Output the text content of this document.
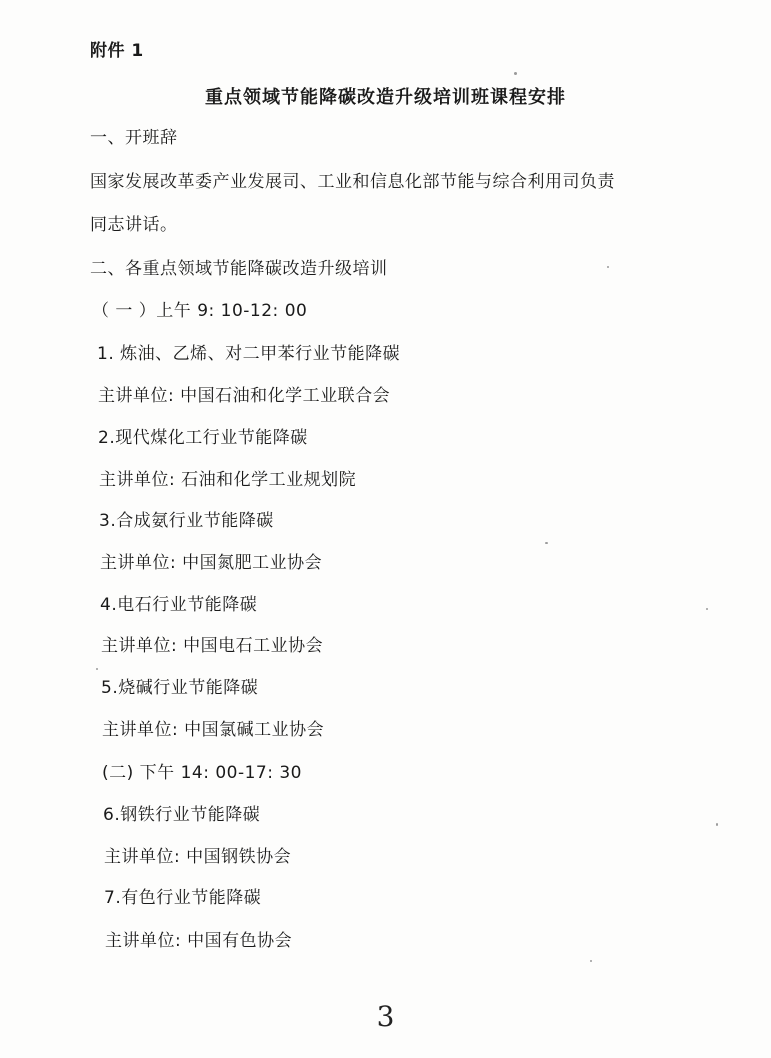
附件 1
重点领域节能降碳改造升级培训班课程安排
一、开班辞
国家发展改革委产业发展司、工业和信息化部节能与综合利用司负责
同志讲话。
二、各重点领域节能降碳改造升级培训
（ 一 ）上午 9: 10-12: 00
1. 炼油、乙烯、对二甲苯行业节能降碳
主讲单位: 中国石油和化学工业联合会
2.现代煤化工行业节能降碳
主讲单位: 石油和化学工业规划院
3.合成氨行业节能降碳
主讲单位: 中国氮肥工业协会
4.电石行业节能降碳
主讲单位: 中国电石工业协会
5.烧碱行业节能降碳
主讲单位: 中国氯碱工业协会
(二) 下午 14: 00-17: 30
6.钢铁行业节能降碳
主讲单位: 中国钢铁协会
7.有色行业节能降碳
主讲单位: 中国有色协会
3
